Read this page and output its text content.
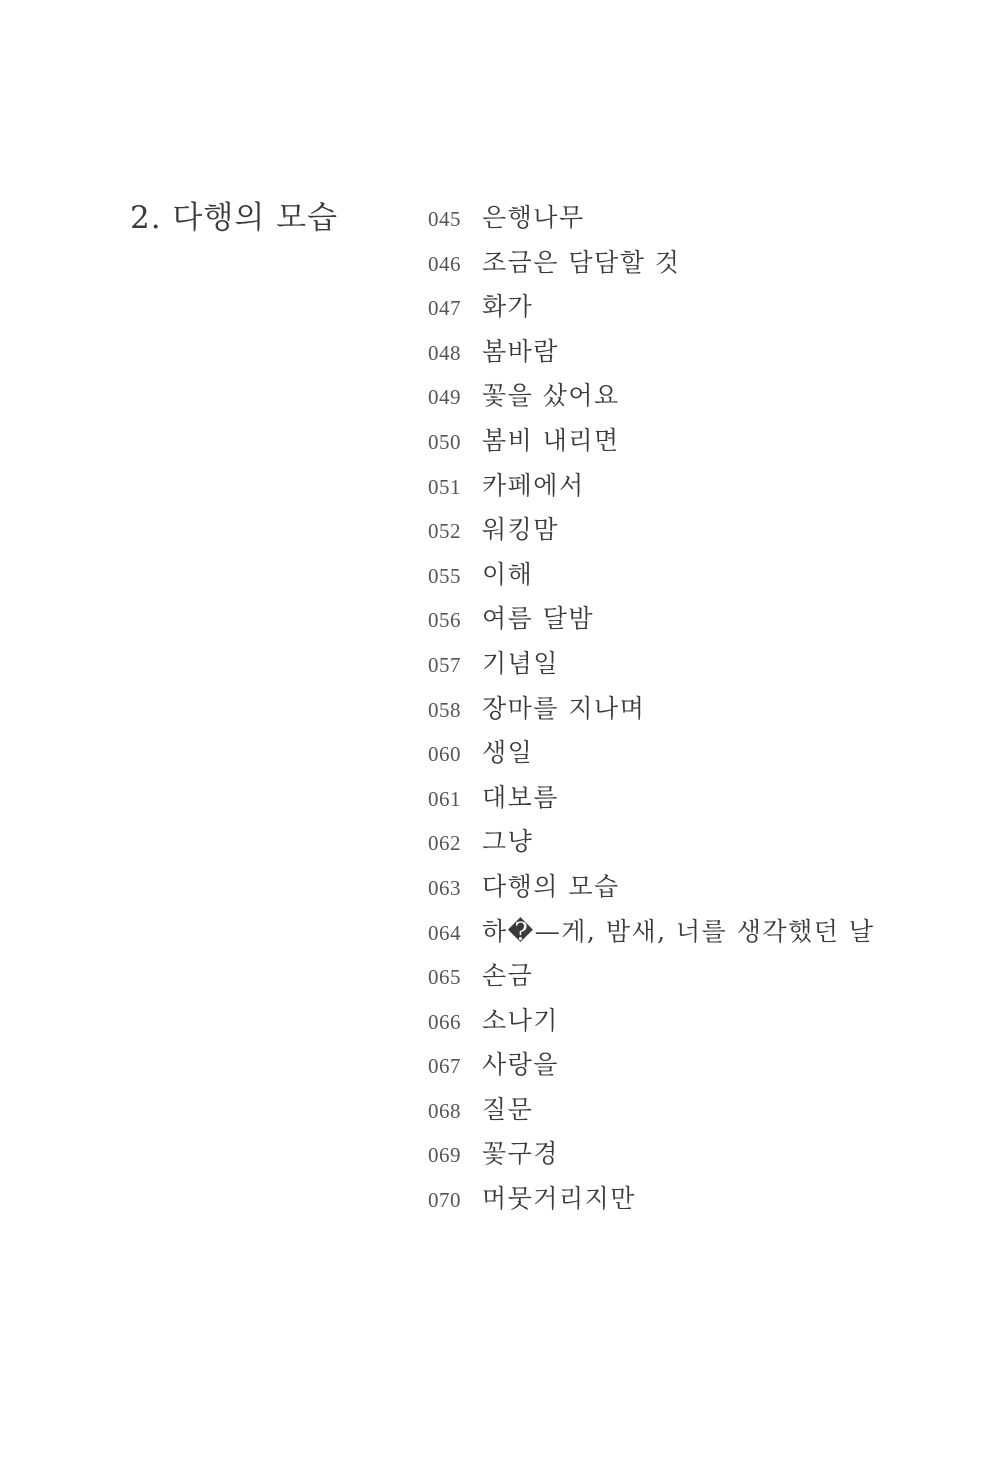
2. 다행의 모습	045 은행나무
046 조금은 담담할 것
047 화가
048 봄바람
049 꽃을 샀어요
050 봄비 내리면
051 카페에서
052 워킹맘
055 이해
056 여름 달밤
057 기념일
058 장마를 지나며
060 생일
061 대보름
062 그냥
063 다행의 모습
064 하�—게, 밤새, 너를 생각했던 날
065 손금
066 소나기
067 사랑을
068 질문
069 꽃구경
070 머뭇거리지만
